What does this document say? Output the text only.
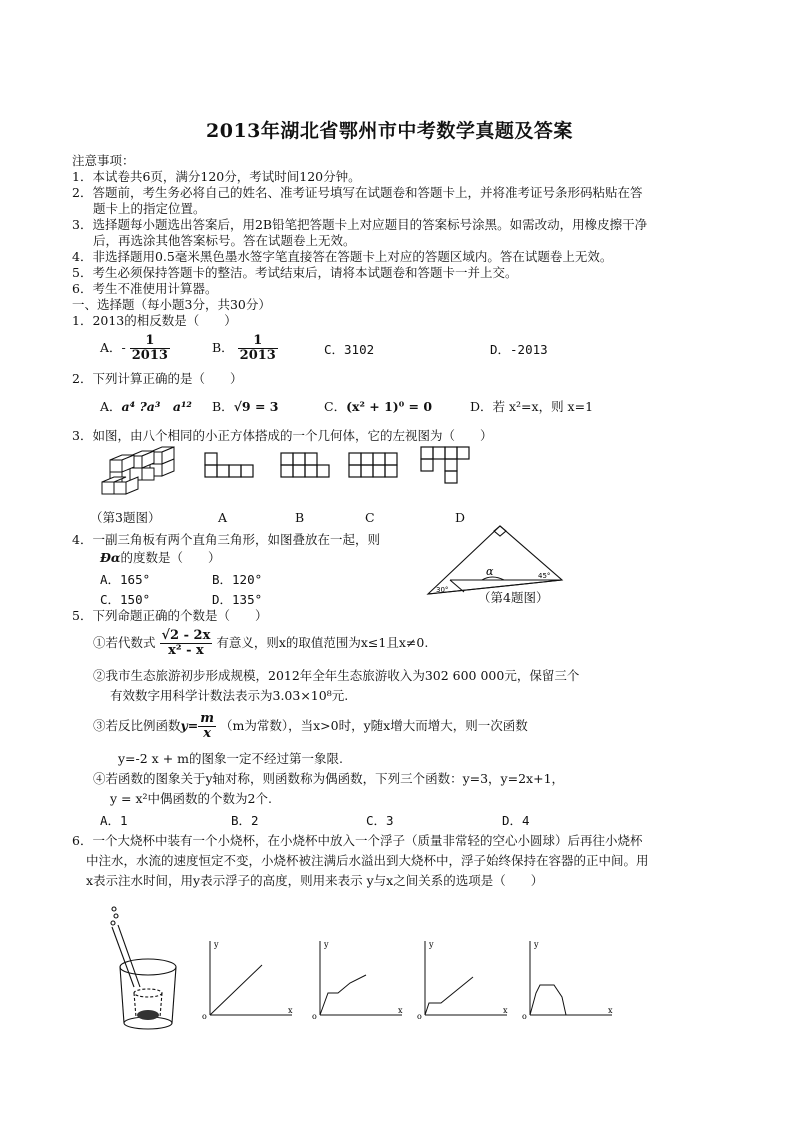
2013年湖北省鄂州市中考数学真题及答案
注意事项：
1．本试卷共6页，满分120分，考试时间120分钟。
2．答题前，考生务必将自己的姓名、准考证号填写在试题卷和答题卡上，并将准考证号条形码粘贴在答
题卡上的指定位置。
3．选择题每小题选出答案后，用2B铅笔把答题卡上对应题目的答案标号涂黑。如需改动，用橡皮擦干净
后，再选涂其他答案标号。答在试题卷上无效。
4．非选择题用0.5毫米黑色墨水签字笔直接答在答题卡上对应的答题区域内。答在试题卷上无效。
5．考生必须保持答题卡的整洁。考试结束后，请将本试题卷和答题卡一并上交。
6．考生不准使用计算器。
一、选择题（每小题3分，共30分）
1．2013的相反数是（　　）
A．- $\frac{1}{2013}$	B． $\frac{1}{2013}$	C．3102	D．-2013
2．下列计算正确的是（　　）
A．a⁴ ?a³　a¹² B．√9 = 3	C．(x² + 1)⁰ = 0	D．若 x²=x，则 x=1
3．如图，由八个相同的小正方体搭成的一个几何体，它的左视图为（　　）
（第3题图）	A	B	C	D
4．一副三角板有两个直角三角形，如图叠放在一起，则
Ðα的度数是（　　）
A．165°	B．120°
C．150°	D．135°
α	45°
30° （第4题图）
5．下列命题正确的个数是（　　）
①若代数式 $\frac{√2 - 2x}{\text{x² - x}}$ 有意义，则x的取值范围为x≤1且x≠0.
②我市生态旅游初步形成规模，2012年全年生态旅游收入为302 600 000元，保留三个
有效数字用科学计数法表示为3.03×10⁸元.
③若反比例函数$y= \frac{m}{x} (m$为常数），当x>0时，y随x增大而增大，则一次函数
y=-2 x + m的图象一定不经过第一象限.
④若函数的图象关于y轴对称，则函数称为偶函数，下列三个函数：y=3，y=2x+1，
y = x²中偶函数的个数为2个.
A．1	B．2	C．3	D．4
6．一个大烧杯中装有一个小烧杯，在小烧杯中放入一个浮子（质量非常轻的空心小圆球）后再往小烧杯
中注水，水流的速度恒定不变，小烧杯被注满后水溢出到大烧杯中，浮子始终保持在容器的正中间。用
x表示注水时间，用y表示浮子的高度，则用来表示 y与x之间关系的选项是（　　）
y
x
o
y
x
o
y
x
o
y
x
o
